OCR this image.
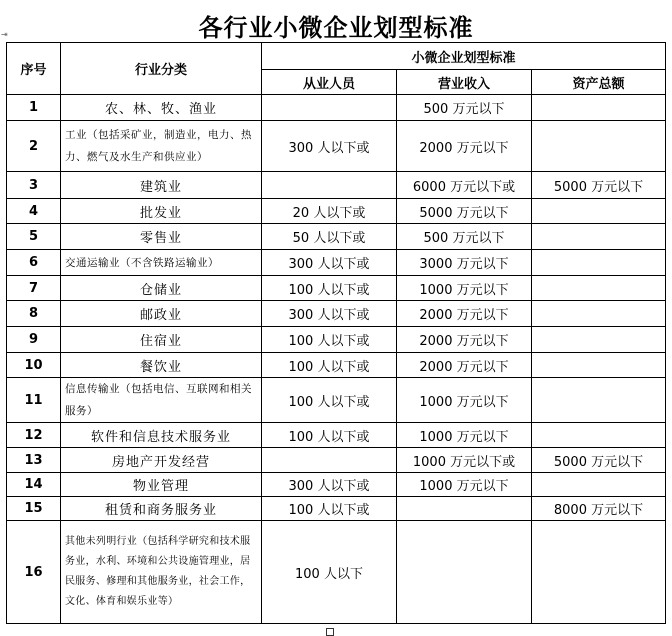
各行业小微企业划型标准
⇥
序号	行业分类	小微企业划型标准		
		从业人员	营业收入	资产总额
1	农、林、牧、渔业		500 万元以下	
2	工业（包括采矿业，制造业，电力、热力、燃气及水生产和供应业）	300 人以下或	2000 万元以下	
3	建筑业		6000 万元以下或	5000 万元以下
4	批发业	20 人以下或	5000 万元以下	
5	零售业	50 人以下或	500 万元以下	
6	交通运输业（不含铁路运输业）	300 人以下或	3000 万元以下	
7	仓储业	100 人以下或	1000 万元以下	
8	邮政业	300 人以下或	2000 万元以下	
9	住宿业	100 人以下或	2000 万元以下	
10	餐饮业	100 人以下或	2000 万元以下	
11	信息传输业（包括电信、互联网和相关服务）	100 人以下或	1000 万元以下	
12	软件和信息技术服务业	100 人以下或	1000 万元以下	
13	房地产开发经营		1000 万元以下或	5000 万元以下
14	物业管理	300 人以下或	1000 万元以下	
15	租赁和商务服务业	100 人以下或		8000 万元以下
16	其他未列明行业（包括科学研究和技术服务业，水利、环境和公共设施管理业，居民服务、修理和其他服务业，社会工作，文化、体育和娱乐业等）	100 人以下		
